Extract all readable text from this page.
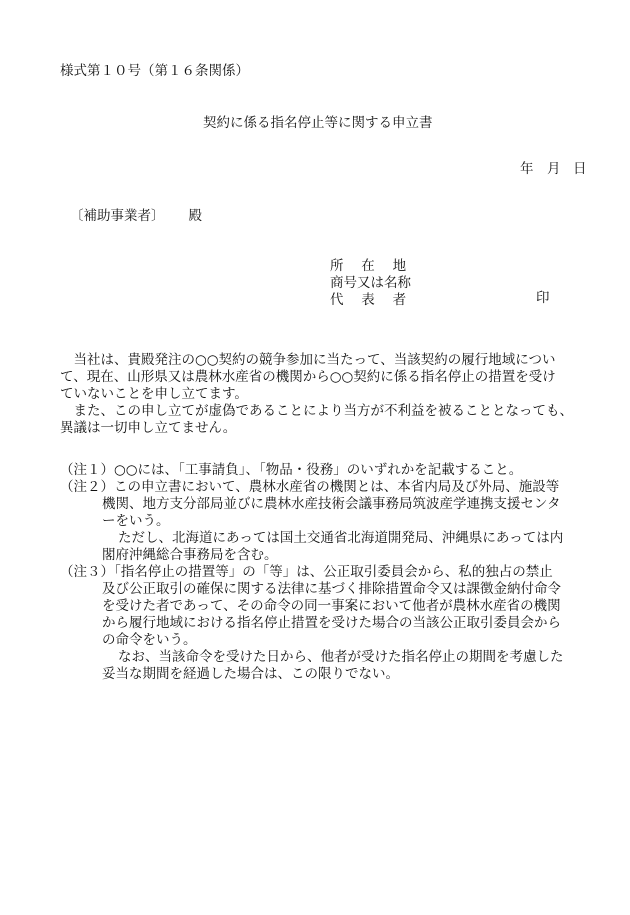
様式第１０号（第１６条関係）
契約に係る指名停止等に関する申立書
年 月 日
〔補助事業者〕 殿
所　 在　 地
商号又は名称
代　 表　 者	印
　当社は、貴殿発注の○○契約の競争参加に当たって、当該契約の履行地域につい
て、現在、山形県又は農林水産省の機関から○○契約に係る指名停止の措置を受け
ていないことを申し立てます。
　また、この申し立てが虚偽であることにより当方が不利益を被ることとなっても、
異議は一切申し立てません。
（注１）○○には、「工事請負」、「物品・役務」のいずれかを記載すること。
（注２）この申立書において、農林水産省の機関とは、本省内局及び外局、施設等
機関、地方支分部局並びに農林水産技術会議事務局筑波産学連携支援センタ
ーをいう。
ただし、北海道にあっては国土交通省北海道開発局、沖縄県にあっては内
閣府沖縄総合事務局を含む。
（注３）「指名停止の措置等」の「等」は、公正取引委員会から、私的独占の禁止
及び公正取引の確保に関する法律に基づく排除措置命令又は課徴金納付命令
を受けた者であって、その命令の同一事案において他者が農林水産省の機関
から履行地域における指名停止措置を受けた場合の当該公正取引委員会から
の命令をいう。
なお、当該命令を受けた日から、他者が受けた指名停止の期間を考慮した
妥当な期間を経過した場合は、この限りでない。
